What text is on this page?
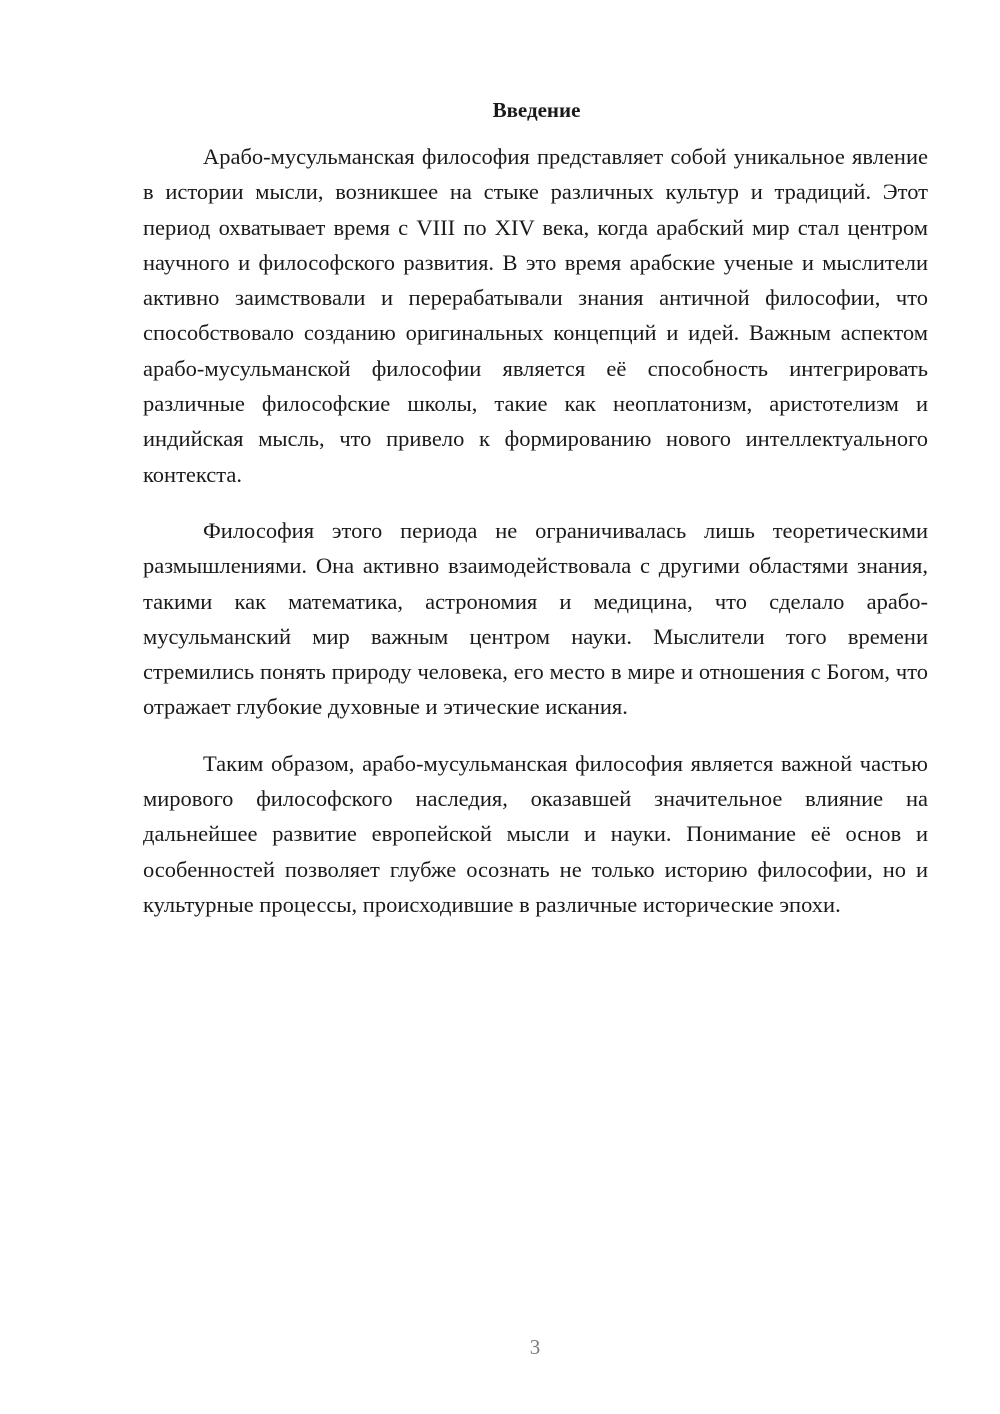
Введение

Арабо-мусульманская философия представляет собой уникальное явление в истории мысли, возникшее на стыке различных культур и традиций. Этот период охватывает время с VIII по XIV века, когда арабский мир стал центром научного и философского развития. В это время арабские ученые и мыслители активно заимствовали и перерабатывали знания античной философии, что способствовало созданию оригинальных концепций и идей. Важным аспектом арабо-мусульманской философии является её способность интегрировать различные философские школы, такие как неоплатонизм, аристотелизм и индийская мысль, что привело к формированию нового интеллектуального контекста.

Философия этого периода не ограничивалась лишь теоретическими размышлениями. Она активно взаимодействовала с другими областями знания, такими как математика, астрономия и медицина, что сделало арабо-мусульманский мир важным центром науки. Мыслители того времени стремились понять природу человека, его место в мире и отношения с Богом, что отражает глубокие духовные и этические искания.

Таким образом, арабо-мусульманская философия является важной частью мирового философского наследия, оказавшей значительное влияние на дальнейшее развитие европейской мысли и науки. Понимание её основ и особенностей позволяет глубже осознать не только историю философии, но и культурные процессы, происходившие в различные исторические эпохи.

3
